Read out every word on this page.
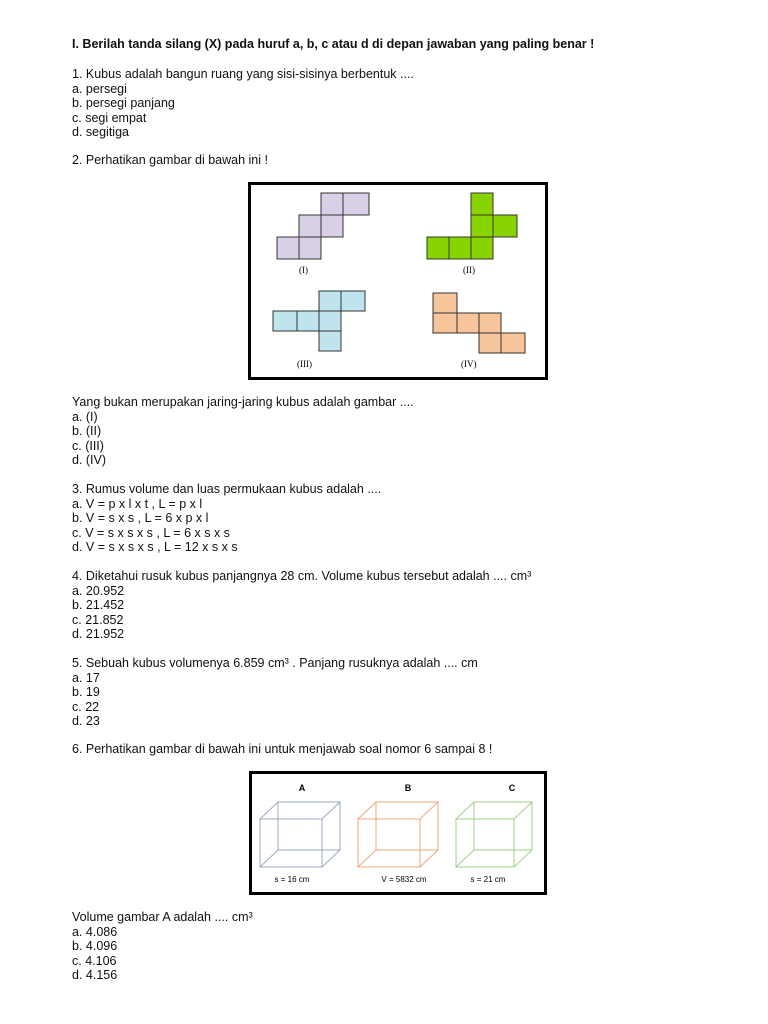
I. Berilah tanda silang (X) pada huruf a, b, c atau d di depan jawaban yang paling benar !
1. Kubus adalah bangun ruang yang sisi-sisinya berbentuk ....
a. persegi
b. persegi panjang
c. segi empat
d. segitiga
2. Perhatikan gambar di bawah ini !
(I)	(II)
(III)	(IV)
Yang bukan merupakan jaring-jaring kubus adalah gambar ....
a. (I)
b. (II)
c. (III)
d. (IV)
3. Rumus volume dan luas permukaan kubus adalah ....
a. V = p x l x t , L = p x l
b. V = s x s , L = 6 x p x l
c. V = s x s x s , L = 6 x s x s
d. V = s x s x s , L = 12 x s x s
4. Diketahui rusuk kubus panjangnya 28 cm. Volume kubus tersebut adalah .... cm³
a. 20.952
b. 21.452
c. 21.852
d. 21.952
5. Sebuah kubus volumenya 6.859 cm³ . Panjang rusuknya adalah .... cm
a. 17
b. 19
c. 22
d. 23
6. Perhatikan gambar di bawah ini untuk menjawab soal nomor 6 sampai 8 !
A	B	C
s = 16 cm	V = 5832 cm	s = 21 cm
Volume gambar A adalah .... cm³
a. 4.086
b. 4.096
c. 4.106
d. 4.156
